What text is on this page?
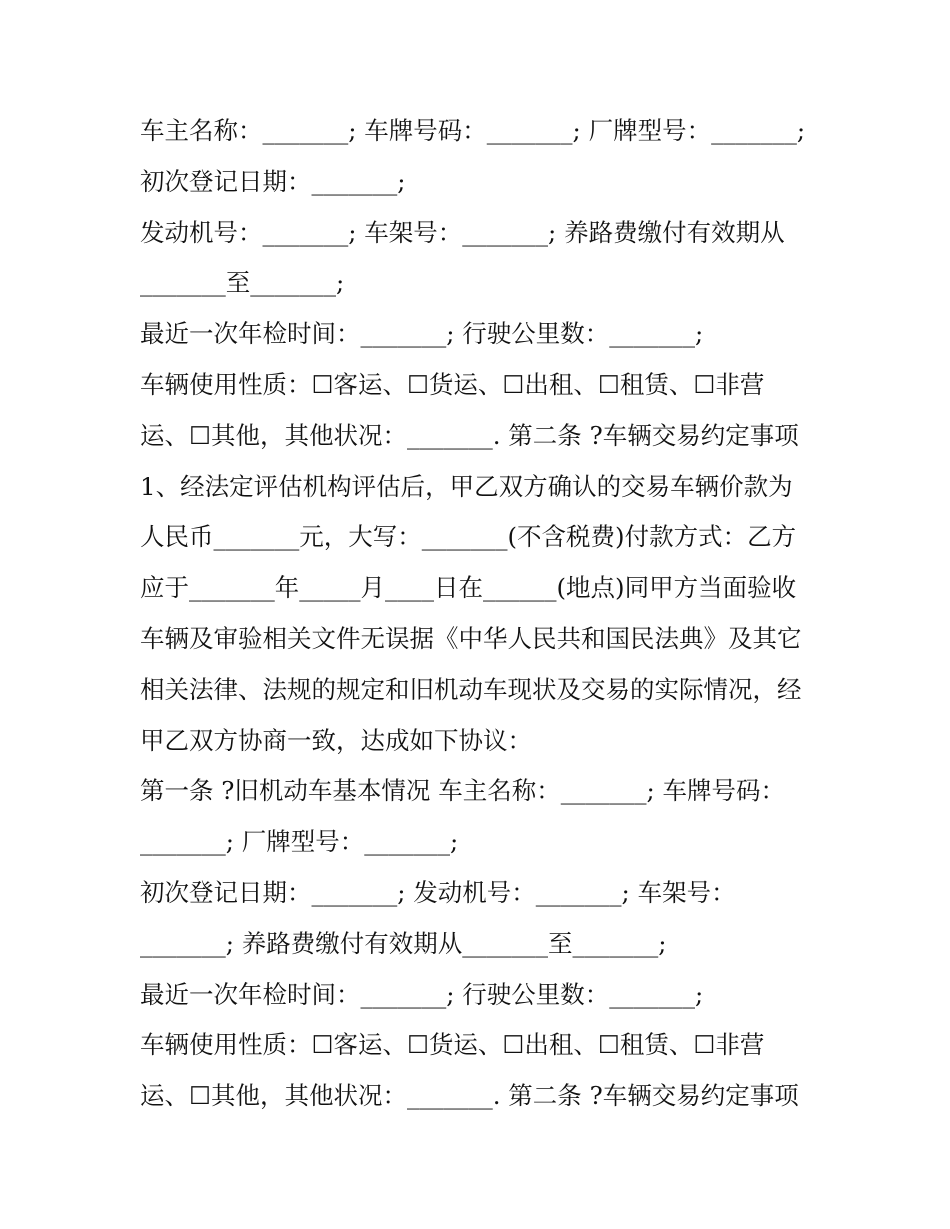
车主名称：_______; 车牌号码：_______; 厂牌型号：_______;
初次登记日期：_______;
发动机号：_______; 车架号：_______; 养路费缴付有效期从
_______至_______;
最近一次年检时间：_______; 行驶公里数：_______;
车辆使用性质：☐客运、☐货运、☐出租、☐租赁、☐非营
运、☐其他，其他状况：_______. 第二条 ?车辆交易约定事项
1、经法定评估机构评估后，甲乙双方确认的交易车辆价款为
人民币_______元，大写：_______(不含税费)付款方式：乙方
应于_______年_____月____日在______(地点)同甲方当面验收
车辆及审验相关文件无误据《中华人民共和国民法典》及其它
相关法律、法规的规定和旧机动车现状及交易的实际情况，经
甲乙双方协商一致，达成如下协议：
第一条 ?旧机动车基本情况 车主名称：_______; 车牌号码：
_______; 厂牌型号：_______;
初次登记日期：_______; 发动机号：_______; 车架号：
_______; 养路费缴付有效期从_______至_______;
最近一次年检时间：_______; 行驶公里数：_______;
车辆使用性质：☐客运、☐货运、☐出租、☐租赁、☐非营
运、☐其他，其他状况：_______. 第二条 ?车辆交易约定事项
